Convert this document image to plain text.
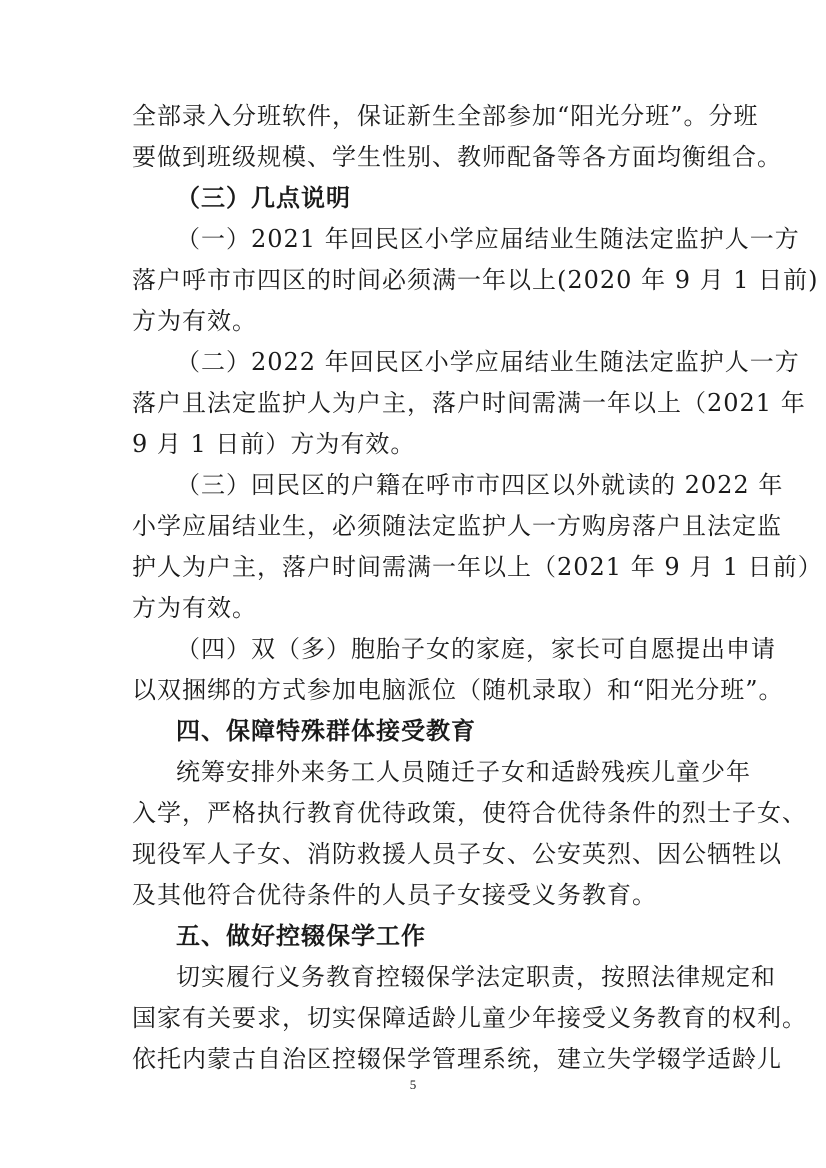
全部录入分班软件，保证新生全部参加“阳光分班”。分班
要做到班级规模、学生性别、教师配备等各方面均衡组合。
（三）几点说明
（一）2021 年回民区小学应届结业生随法定监护人一方
落户呼市市四区的时间必须满一年以上(2020 年 9 月 1 日前)
方为有效。
（二）2022 年回民区小学应届结业生随法定监护人一方
落户且法定监护人为户主，落户时间需满一年以上（2021 年
9 月 1 日前）方为有效。
（三）回民区的户籍在呼市市四区以外就读的 2022 年
小学应届结业生，必须随法定监护人一方购房落户且法定监
护人为户主，落户时间需满一年以上（2021 年 9 月 1 日前）
方为有效。
（四）双（多）胞胎子女的家庭，家长可自愿提出申请
以双捆绑的方式参加电脑派位（随机录取）和“阳光分班”。
四、保障特殊群体接受教育
统筹安排外来务工人员随迁子女和适龄残疾儿童少年
入学，严格执行教育优待政策，使符合优待条件的烈士子女、
现役军人子女、消防救援人员子女、公安英烈、因公牺牲以
及其他符合优待条件的人员子女接受义务教育。
五、做好控辍保学工作
切实履行义务教育控辍保学法定职责，按照法律规定和
国家有关要求，切实保障适龄儿童少年接受义务教育的权利。
依托内蒙古自治区控辍保学管理系统，建立失学辍学适龄儿
5
